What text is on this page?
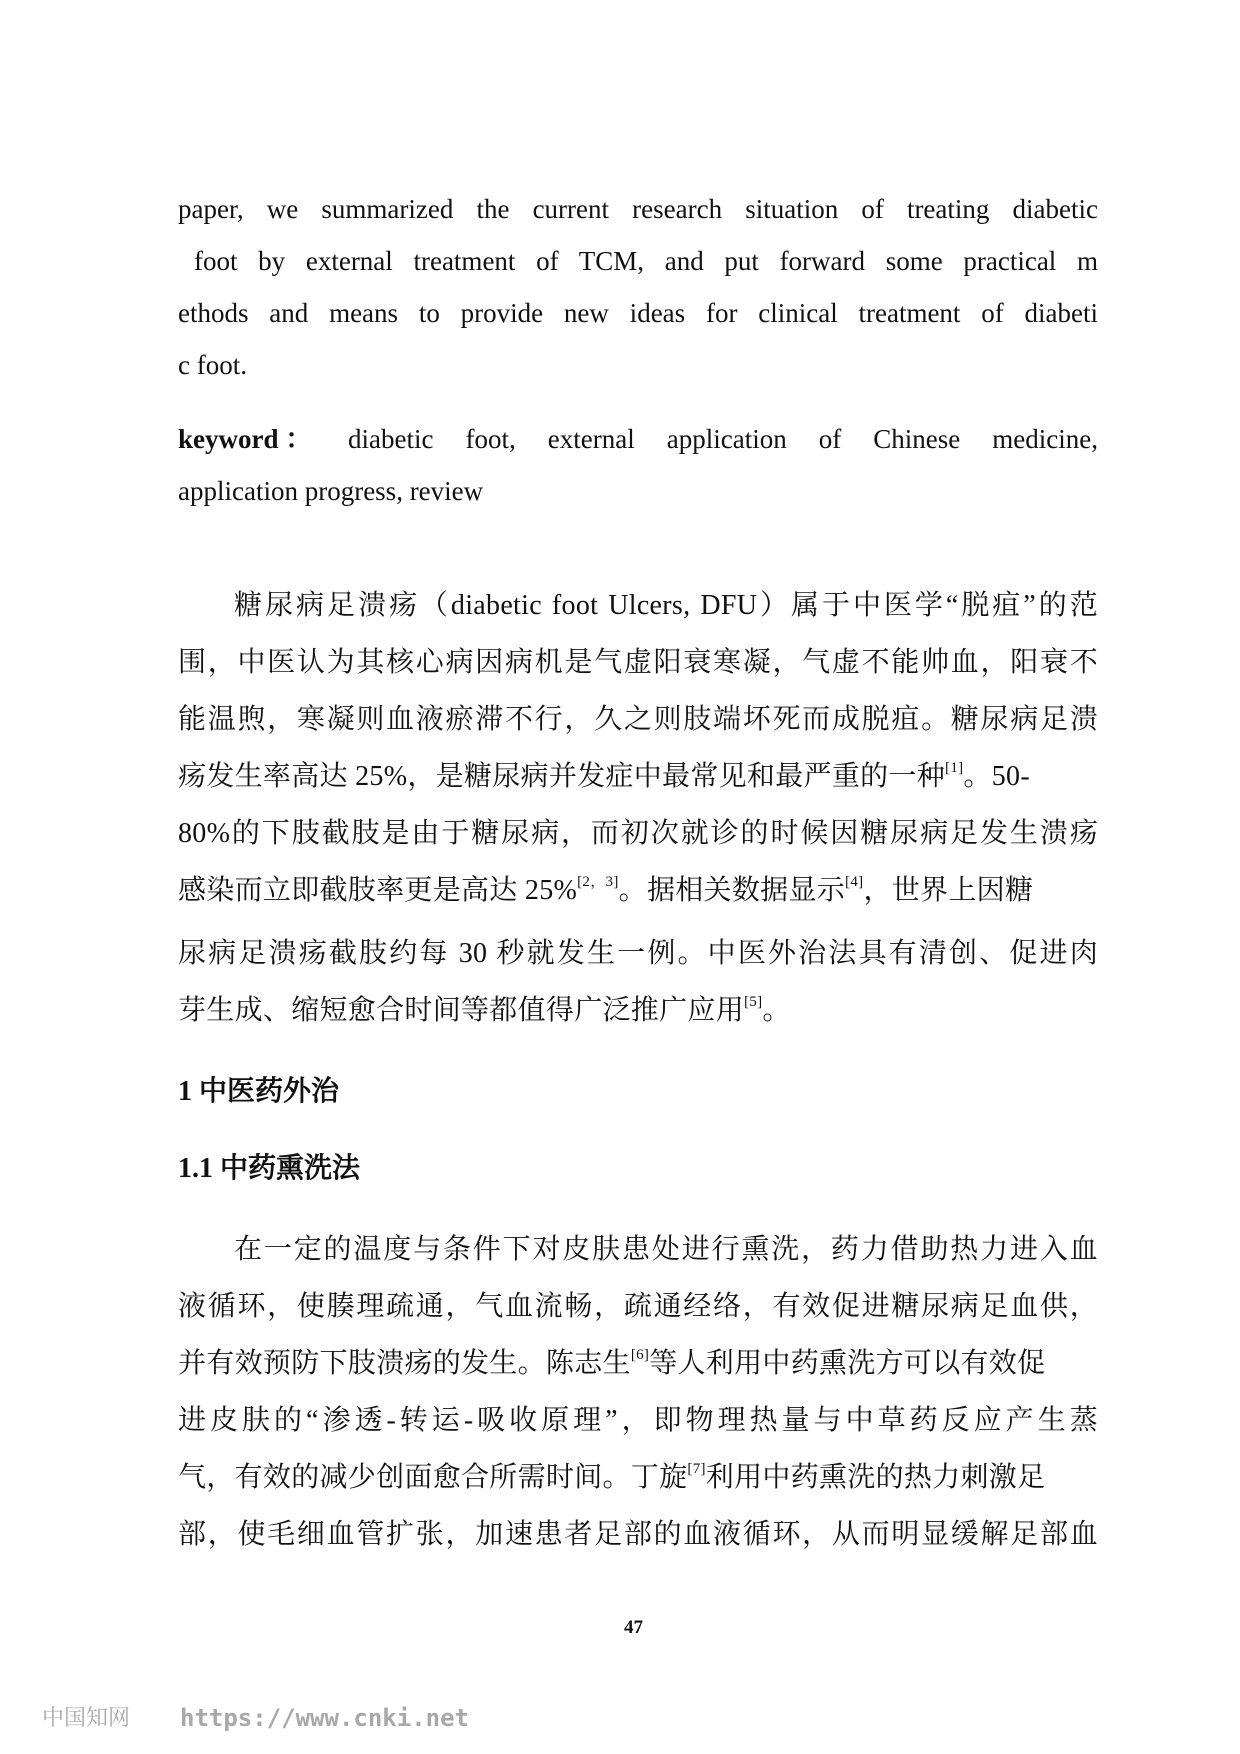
paper, we summarized the current research situation of treating diabetic
foot by external treatment of TCM, and put forward some practical m
ethods and means to provide new ideas for clinical treatment of diabeti
c foot.
keyword ： diabetic foot, external application of Chinese medicine,
application progress, review
糖尿病足溃疡（diabetic foot Ulcers, DFU）属于中医学“脱疽”的范
围，中医认为其核心病因病机是气虚阳衰寒凝，气虚不能帅血，阳衰不
能温煦，寒凝则血液瘀滞不行，久之则肢端坏死而成脱疽。糖尿病足溃
疡发生率高达 25%，是糖尿病并发症中最常见和最严重的一种[1]。50-
80%的下肢截肢是由于糖尿病，而初次就诊的时候因糖尿病足发生溃疡
感染而立即截肢率更是高达 25%[2，3]。据相关数据显示[4]，世界上因糖
尿病足溃疡截肢约每 30 秒就发生一例。中医外治法具有清创、促进肉
芽生成、缩短愈合时间等都值得广泛推广应用[5]。
1 中医药外治
1.1 中药熏洗法
在一定的温度与条件下对皮肤患处进行熏洗，药力借助热力进入血
液循环，使腠理疏通，气血流畅，疏通经络，有效促进糖尿病足血供，
并有效预防下肢溃疡的发生。陈志生[6]等人利用中药熏洗方可以有效促
进皮肤的“渗透-转运-吸收原理”，即物理热量与中草药反应产生蒸
气，有效的减少创面愈合所需时间。丁旋[7]利用中药熏洗的热力刺激足
部，使毛细血管扩张，加速患者足部的血液循环，从而明显缓解足部血
47
中国知网 https://www.cnki.net
